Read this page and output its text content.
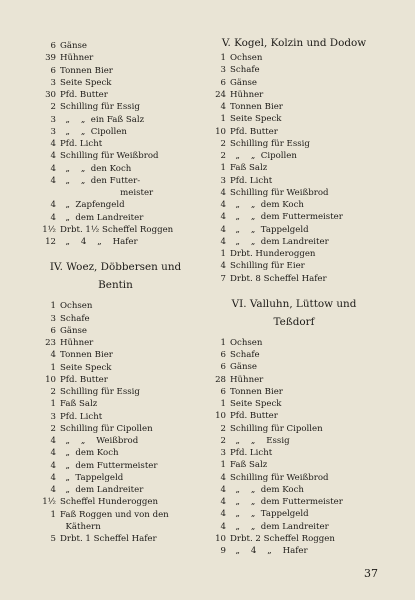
6 Gänse
39 Hühner
6 Tonnen Bier
3 Seite Speck
30 Pfd. Butter
2 Schilling für Essig
3 „    „  ein Faß Salz
3 „    „  Cipollen
4 Pfd. Licht
4 Schilling für Weißbrod
4 „    „  den Koch
4 „    „  den Futter-
meister
4 „  Zapfengeld
4 „  dem Landreiter
1½ Drbt. 1½ Scheffel Roggen
12 „    4    „    Hafer
IV. Woez, Döbbersen und
Bentin
1 Ochsen
3 Schafe
6 Gänse
23 Hühner
4 Tonnen Bier
1 Seite Speck
10 Pfd. Butter
2 Schilling für Essig
1 Faß Salz
3 Pfd. Licht
2 Schilling für Cipollen
4 „    „    Weißbrod
4 „  dem Koch
4 „  dem Futtermeister
4 „  Tappelgeld
4 „  dem Landreiter
1½ Scheffel Hunderoggen
1 Faß Roggen und von den
Käthern
5 Drbt. 1 Scheffel Hafer
V. Kogel, Kolzin und Dodow
1 Ochsen
3 Schafe
6 Gänse
24 Hühner
4 Tonnen Bier
1 Seite Speck
10 Pfd. Butter
2 Schilling für Essig
2 „    „  Cipollen
1 Faß Salz
3 Pfd. Licht
4 Schilling für Weißbrod
4 „    „  dem Koch
4 „    „  dem Futtermeister
4 „    „  Tappelgeld
4 „    „  dem Landreiter
1 Drbt. Hunderoggen
4 Schilling für Eier
7 Drbt. 8 Scheffel Hafer
VI. Valluhn, Lüttow und
Teßdorf
1 Ochsen
6 Schafe
6 Gänse
28 Hühner
6 Tonnen Bier
1 Seite Speck
10 Pfd. Butter
2 Schilling für Cipollen
2 „    „    Essig
3 Pfd. Licht
1 Faß Salz
4 Schilling für Weißbrod
4 „    „  dem Koch
4 „    „  dem Futtermeister
4 „    „  Tappelgeld
4 „    „  dem Landreiter
10 Drbt. 2 Scheffel Roggen
9 „    4    „    Hafer
37
